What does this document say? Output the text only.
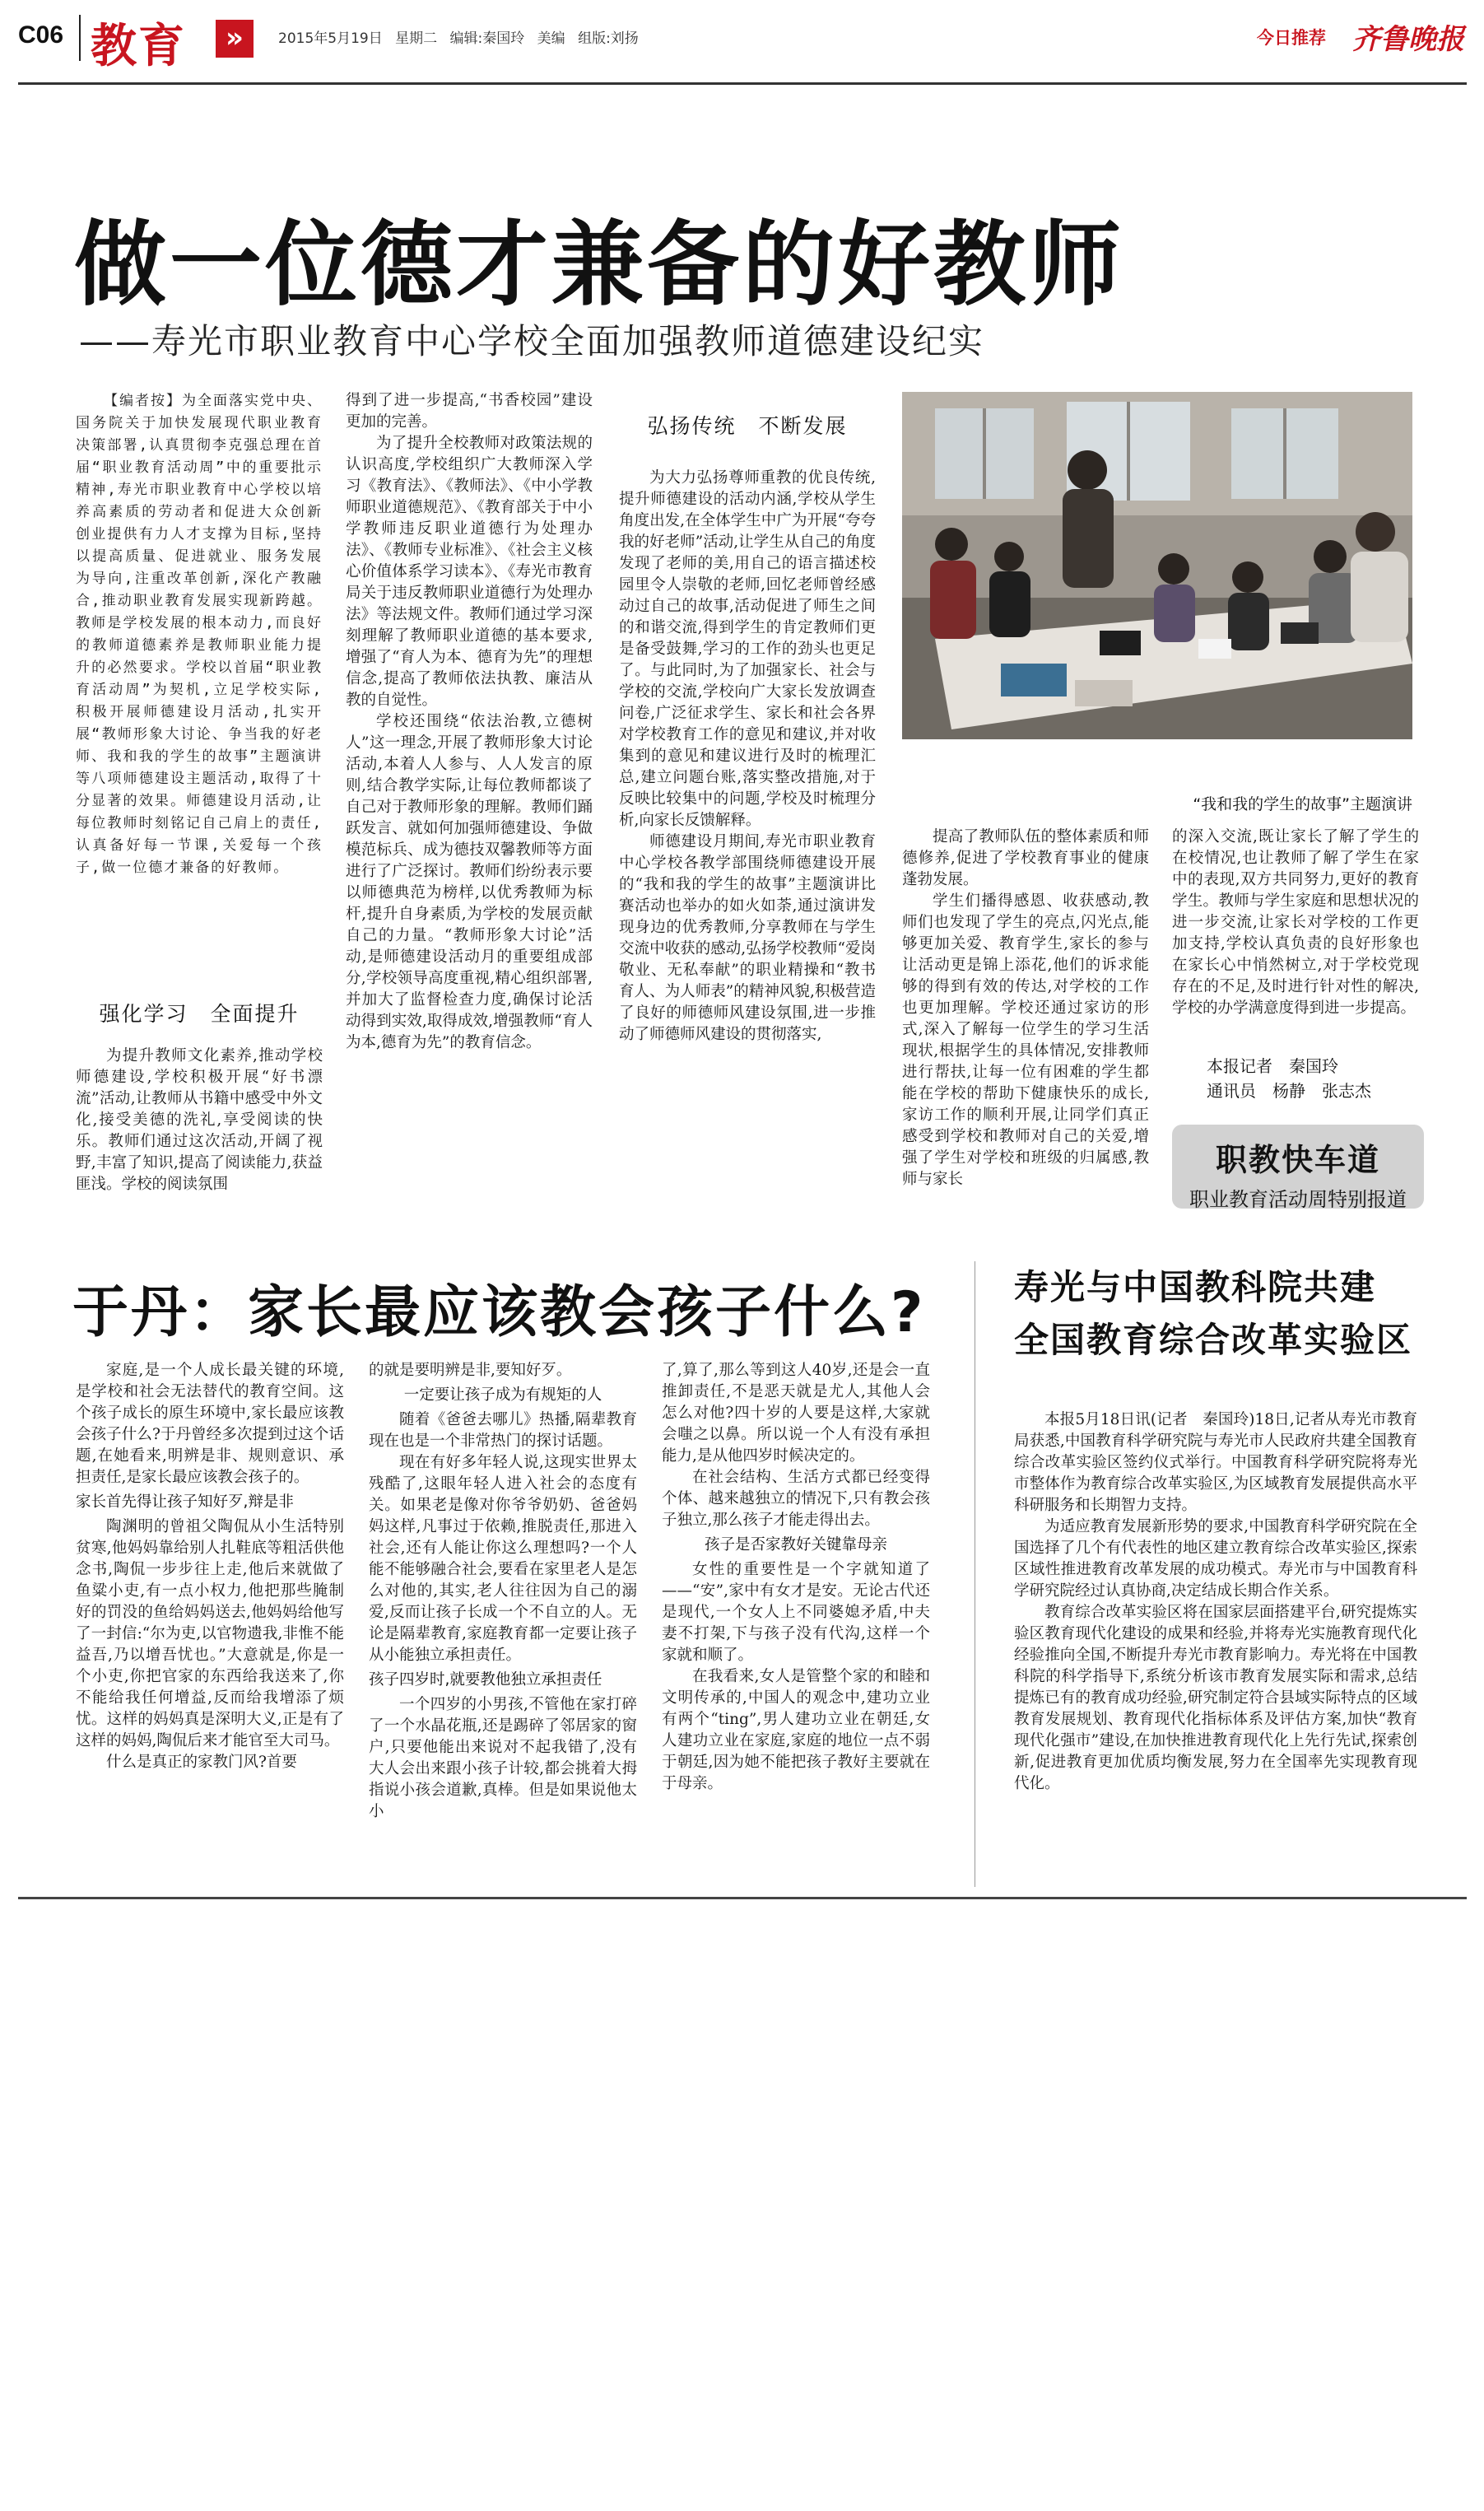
C06 教育	»	2015年5月19日 星期二 编辑:秦国玲 美编 组版:刘扬	今日推荐 齐鲁晚报
做一位德才兼备的好教师
——寿光市职业教育中心学校全面加强教师道德建设纪实

【编者按】为全面落实党中央、国务院关于加快发展现代职业教育决策部署,认真贯彻李克强总理在首届“职业教育活动周”中的重要批示精神,寿光市职业教育中心学校以培养高素质的劳动者和促进大众创新创业提供有力人才支撑为目标,坚持以提高质量、促进就业、服务发展为导向,注重改革创新,深化产教融合,推动职业教育发展实现新跨越。教师是学校发展的根本动力,而良好的教师道德素养是教师职业能力提升的必然要求。学校以首届“职业教育活动周”为契机,立足学校实际,积极开展师德建设月活动,扎实开展“教师形象大讨论、争当我的好老师、我和我的学生的故事”主题演讲等八项师德建设主题活动,取得了十分显著的效果。师德建设月活动,让每位教师时刻铭记自己肩上的责任,认真备好每一节课,关爱每一个孩子,做一位德才兼备的好教师。

强化学习　全面提升

为提升教师文化素养,推动学校师德建设,学校积极开展“好书漂流”活动,让教师从书籍中感受中外文化,接受美德的洗礼,享受阅读的快乐。教师们通过这次活动,开阔了视野,丰富了知识,提高了阅读能力,获益匪浅。学校的阅读氛围

得到了进一步提高,“书香校园”建设更加的完善。

为了提升全校教师对政策法规的认识高度,学校组织广大教师深入学习《教育法》、《教师法》、《中小学教师职业道德规范》、《教育部关于中小学教师违反职业道德行为处理办法》、《教师专业标准》、《社会主义核心价值体系学习读本》、《寿光市教育局关于违反教师职业道德行为处理办法》等法规文件。教师们通过学习深刻理解了教师职业道德的基本要求,增强了“育人为本、德育为先”的理想信念,提高了教师依法执教、廉洁从教的自觉性。

学校还围绕“依法治教,立德树人”这一理念,开展了教师形象大讨论活动,本着人人参与、人人发言的原则,结合教学实际,让每位教师都谈了自己对于教师形象的理解。教师们踊跃发言、就如何加强师德建设、争做模范标兵、成为德技双馨教师等方面进行了广泛探讨。教师们纷纷表示要以师德典范为榜样,以优秀教师为标杆,提升自身素质,为学校的发展贡献自己的力量。“教师形象大讨论”活动,是师德建设活动月的重要组成部分,学校领导高度重视,精心组织部署,并加大了监督检查力度,确保讨论活动得到实效,取得成效,增强教师“育人为本,德育为先”的教育信念。

弘扬传统　不断发展

为大力弘扬尊师重教的优良传统,提升师德建设的活动内涵,学校从学生角度出发,在全体学生中广为开展“夸夸我的好老师”活动,让学生从自己的角度发现了老师的美,用自己的语言描述校园里令人崇敬的老师,回忆老师曾经感动过自己的故事,活动促进了师生之间的和谐交流,得到学生的肯定教师们更是备受鼓舞,学习的工作的劲头也更足了。与此同时,为了加强家长、社会与学校的交流,学校向广大家长发放调查问卷,广泛征求学生、家长和社会各界对学校教育工作的意见和建议,并对收集到的意见和建议进行及时的梳理汇总,建立问题台账,落实整改措施,对于反映比较集中的问题,学校及时梳理分析,向家长反馈解释。

师德建设月期间,寿光市职业教育中心学校各教学部围绕师德建设开展的“我和我的学生的故事”主题演讲比赛活动也举办的如火如荼,通过演讲发现身边的优秀教师,分享教师在与学生交流中收获的感动,弘扬学校教师“爱岗敬业、无私奉献”的职业精操和“教书育人、为人师表”的精神风貌,积极营造了良好的师德师风建设氛围,进一步推动了师德师风建设的贯彻落实,

“我和我的学生的故事”主题演讲

提高了教师队伍的整体素质和师德修养,促进了学校教育事业的健康蓬勃发展。

学生们播得感恩、收获感动,教师们也发现了学生的亮点,闪光点,能够更加关爱、教育学生,家长的参与让活动更是锦上添花,他们的诉求能够的得到有效的传达,对学校的工作也更加理解。学校还通过家访的形式,深入了解每一位学生的学习生活现状,根据学生的具体情况,安排教师进行帮扶,让每一位有困难的学生都能在学校的帮助下健康快乐的成长,家访工作的顺利开展,让同学们真正感受到学校和教师对自己的关爱,增强了学生对学校和班级的归属感,教师与家长

的深入交流,既让家长了解了学生的在校情况,也让教师了解了学生在家中的表现,双方共同努力,更好的教育学生。教师与学生家庭和思想状况的进一步交流,让家长对学校的工作更加支持,学校认真负责的良好形象也在家长心中悄然树立,对于学校党现存在的不足,及时进行针对性的解决,学校的办学满意度得到进一步提高。

本报记者　秦国玲
通讯员　杨静　张志杰
职教快车道
职业教育活动周特别报道
于丹：家长最应该教会孩子什么?

家庭,是一个人成长最关键的环境,是学校和社会无法替代的教育空间。这个孩子成长的原生环境中,家长最应该教会孩子什么?于丹曾经多次提到过这个话题,在她看来,明辨是非、规则意识、承担责任,是家长最应该教会孩子的。

家长首先得让孩子知好歹,辩是非

陶渊明的曾祖父陶侃从小生活特别贫寒,他妈妈靠给别人扎鞋底等粗活供他念书,陶侃一步步往上走,他后来就做了鱼粱小吏,有一点小权力,他把那些腌制好的罚没的鱼给妈妈送去,他妈妈给他写了一封信:“尔为吏,以官物遗我,非惟不能益吾,乃以增吾忧也。”大意就是,你是一个小吏,你把官家的东西给我送来了,你不能给我任何增益,反而给我增添了烦忧。这样的妈妈真是深明大义,正是有了这样的妈妈,陶侃后来才能官至大司马。

什么是真正的家教门风?首要

的就是要明辨是非,要知好歹。

一定要让孩子成为有规矩的人

随着《爸爸去哪儿》热播,隔辈教育现在也是一个非常热门的探讨话题。

现在有好多年轻人说,这现实世界太残酷了,这眼年轻人进入社会的态度有关。如果老是像对你爷爷奶奶、爸爸妈妈这样,凡事过于依赖,推脱责任,那进入社会,还有人能让你这么理想吗?一个人能不能够融合社会,要看在家里老人是怎么对他的,其实,老人往往因为自己的溺爱,反而让孩子长成一个不自立的人。无论是隔辈教育,家庭教育都一定要让孩子从小能独立承担责任。

孩子四岁时,就要教他独立承担责任

一个四岁的小男孩,不管他在家打碎了一个水晶花瓶,还是踢碎了邻居家的窗户,只要他能出来说对不起我错了,没有大人会出来跟小孩子计较,都会挑着大拇指说小孩会道歉,真棒。但是如果说他太小

了,算了,那么等到这人40岁,还是会一直推卸责任,不是恶天就是尤人,其他人会怎么对他?四十岁的人要是这样,大家就会嗤之以鼻。所以说一个人有没有承担能力,是从他四岁时候决定的。

在社会结构、生活方式都已经变得个体、越来越独立的情况下,只有教会孩子独立,那么孩子才能走得出去。

孩子是否家教好关键靠母亲

女性的重要性是一个字就知道了——“安”,家中有女才是安。无论古代还是现代,一个女人上不同婆媳矛盾,中夫妻不打架,下与孩子没有代沟,这样一个家就和顺了。

在我看来,女人是管整个家的和睦和文明传承的,中国人的观念中,建功立业有两个“ting”,男人建功立业在朝廷,女人建功立业在家庭,家庭的地位一点不弱于朝廷,因为她不能把孩子教好主要就在于母亲。

寿光与中国教科院共建
全国教育综合改革实验区

本报5月18日讯(记者　秦国玲)18日,记者从寿光市教育局获悉,中国教育科学研究院与寿光市人民政府共建全国教育综合改革实验区签约仪式举行。中国教育科学研究院将寿光市整体作为教育综合改革实验区,为区域教育发展提供高水平科研服务和长期智力支持。

为适应教育发展新形势的要求,中国教育科学研究院在全国选择了几个有代表性的地区建立教育综合改革实验区,探索区域性推进教育改革发展的成功模式。寿光市与中国教育科学研究院经过认真协商,决定结成长期合作关系。

教育综合改革实验区将在国家层面搭建平台,研究提炼实验区教育现代化建设的成果和经验,并将寿光实施教育现代化经验推向全国,不断提升寿光市教育影响力。寿光将在中国教科院的科学指导下,系统分析该市教育发展实际和需求,总结提炼已有的教育成功经验,研究制定符合县域实际特点的区域教育发展规划、教育现代化指标体系及评估方案,加快“教育现代化强市”建设,在加快推进教育现代化上先行先试,探索创新,促进教育更加优质均衡发展,努力在全国率先实现教育现代化。
